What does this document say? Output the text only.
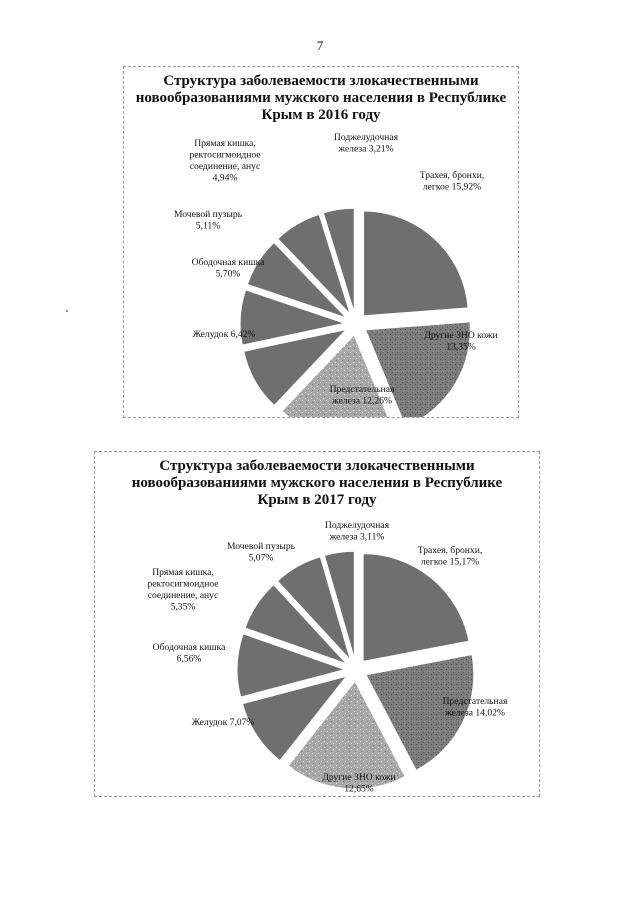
7
Структура заболеваемости злокачественными
новообразованиями мужского населения в Республике
Крым в 2016 году
Трахея, бронхи, легкое 15,92%
Другие ЗНО кожи 13,35%
Предстательная железа 12,26%
Желудок 6,42%
Ободочная кишка 5,70%
Мочевой пузырь 5,11%
Прямая кишка, ректосигмоидное соединение, анус 4,94%
Поджелудочная железа 3,21%
Структура заболеваемости злокачественными
новообразованиями мужского населения в Республике
Крым в 2017 году
Трахея, бронхи, легкое 15,17%
Предстательная железа 14,02%
Другие ЗНО кожи 12,65%
Желудок 7,07%
Ободочная кишка 6,56%
Прямая кишка, ректосигмоидное соединение, анус 5,35%
Мочевой пузырь 5,07%
Поджелудочная железа 3,11%
